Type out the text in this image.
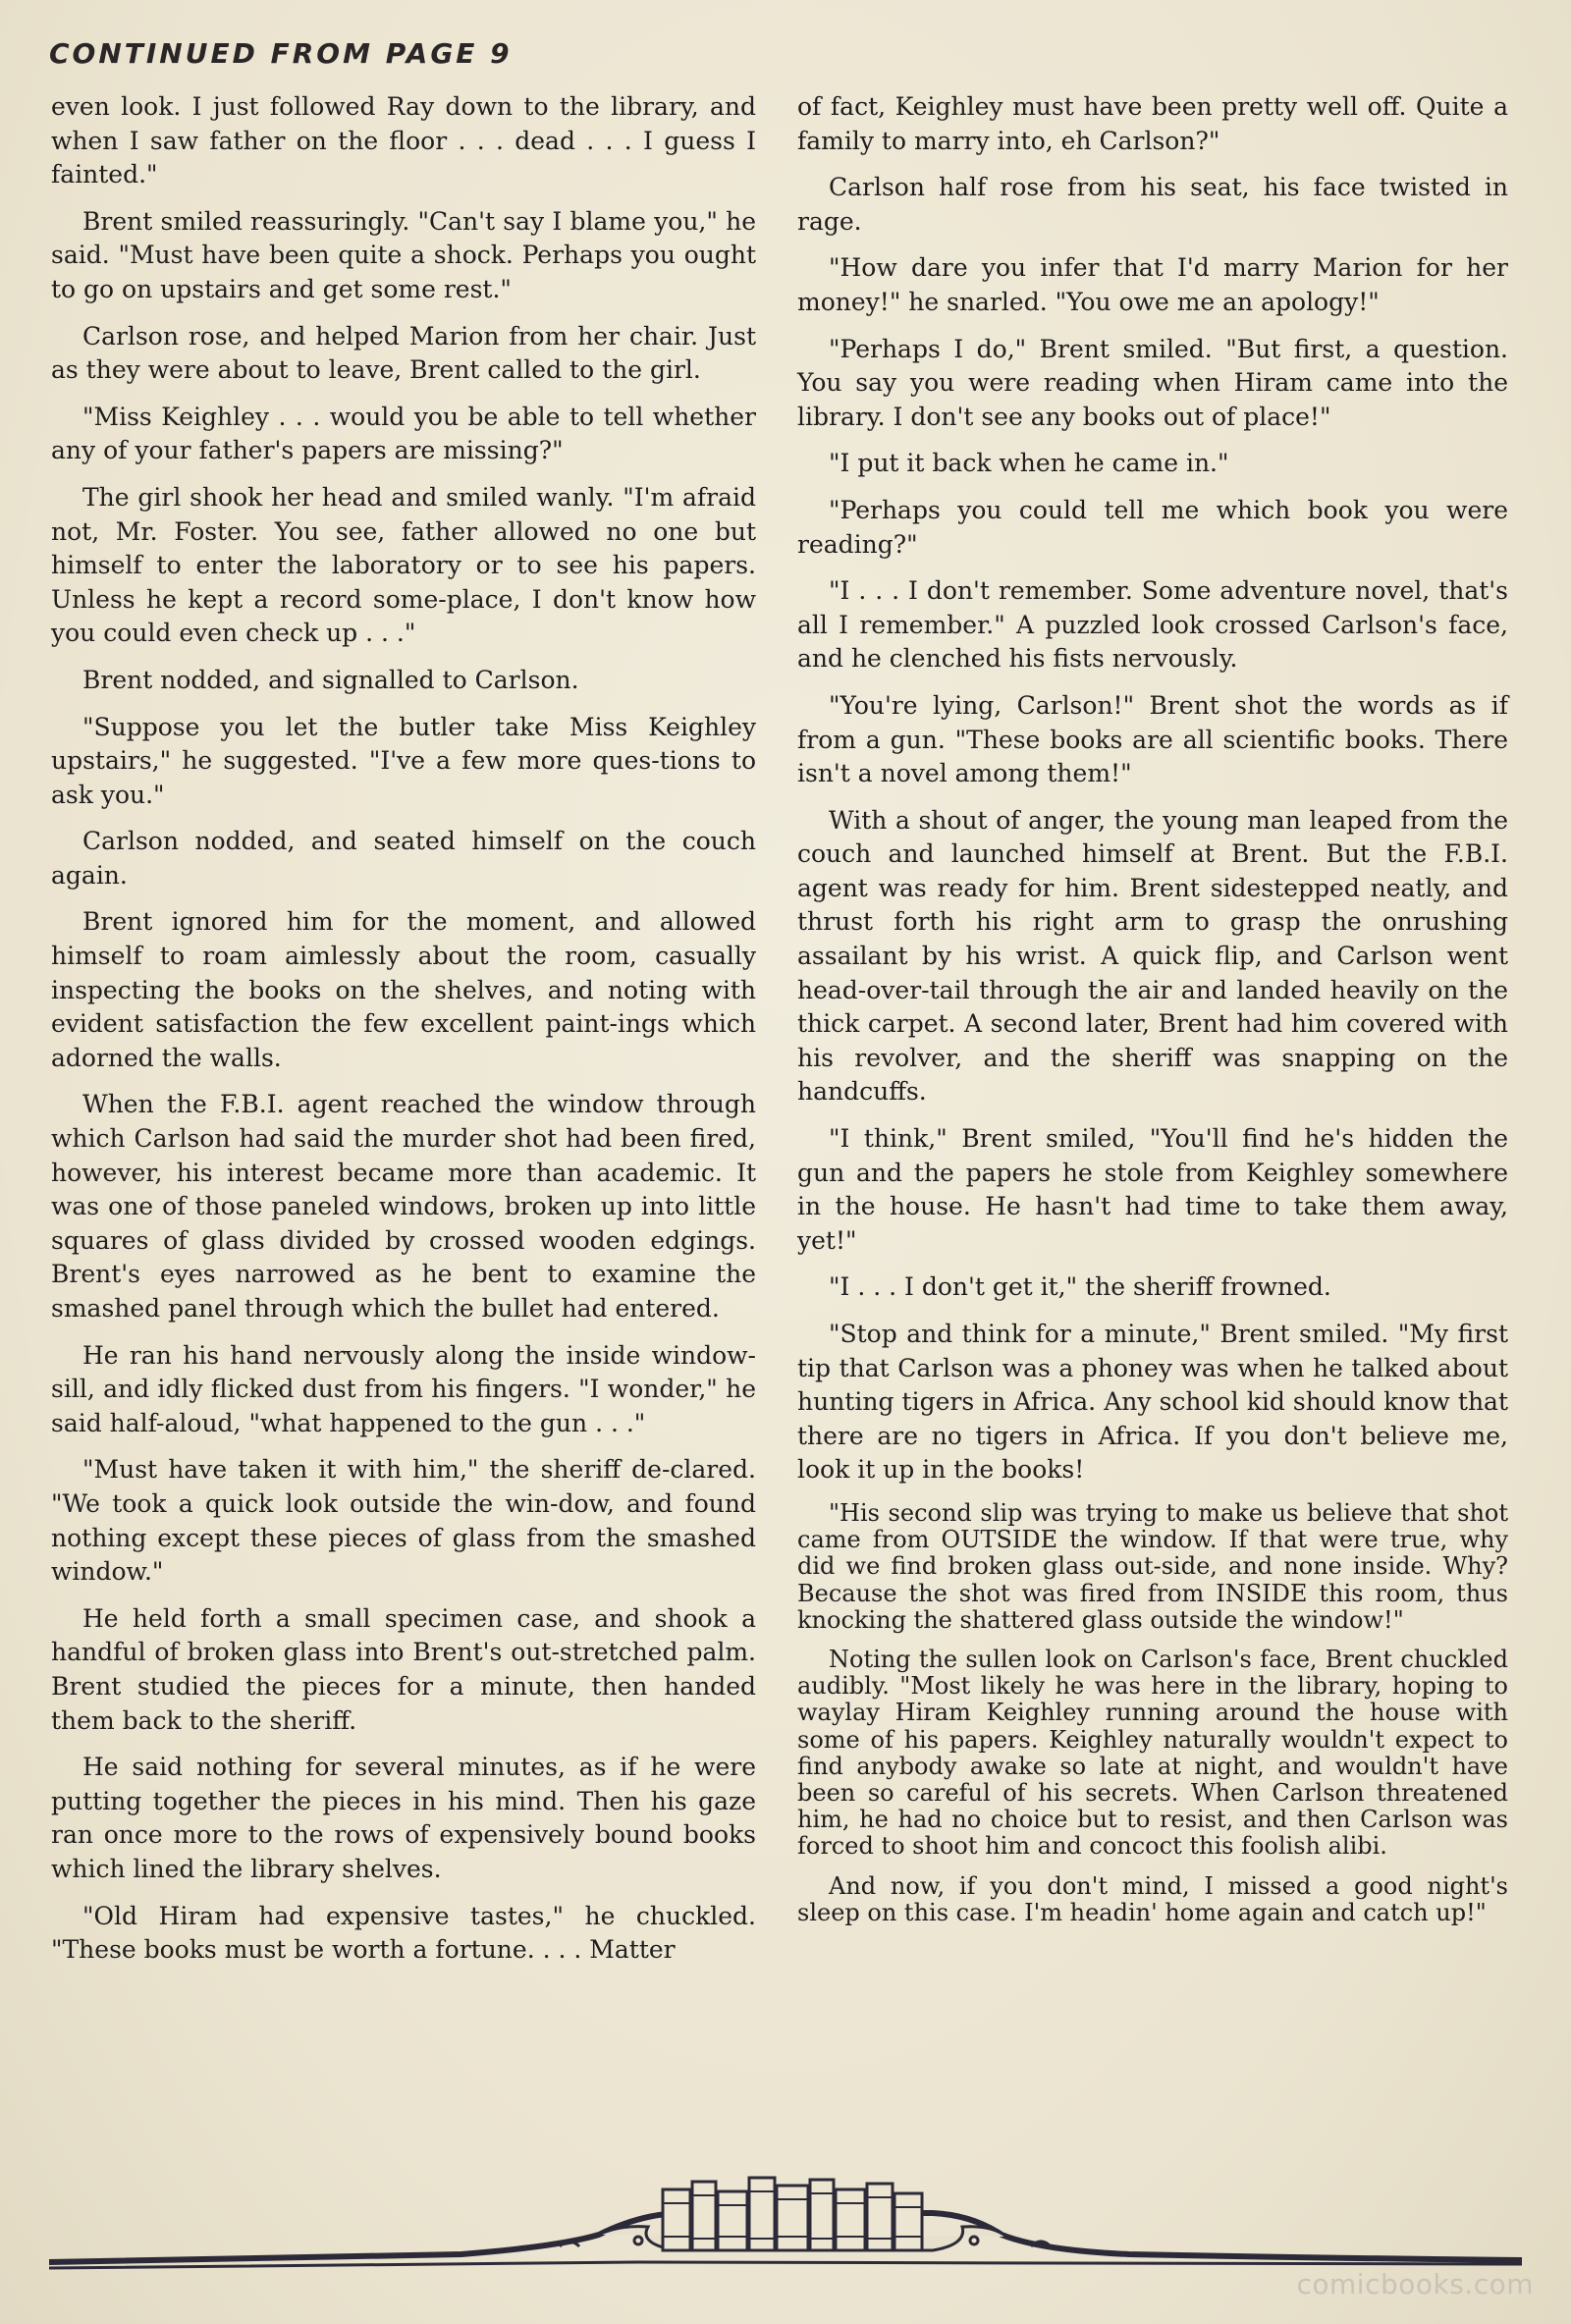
CONTINUED FROM PAGE 9

even look. I just followed Ray down to the library, and when I saw father on the floor . . . dead . . . I guess I fainted."

Brent smiled reassuringly. "Can't say I blame you," he said. "Must have been quite a shock. Perhaps you ought to go on upstairs and get some rest."

Carlson rose, and helped Marion from her chair. Just as they were about to leave, Brent called to the girl.

"Miss Keighley . . . would you be able to tell whether any of your father's papers are missing?"

The girl shook her head and smiled wanly. "I'm afraid not, Mr. Foster. You see, father allowed no one but himself to enter the laboratory or to see his papers. Unless he kept a record some-place, I don't know how you could even check up . . ."

Brent nodded, and signalled to Carlson.

"Suppose you let the butler take Miss Keighley upstairs," he suggested. "I've a few more ques-tions to ask you."

Carlson nodded, and seated himself on the couch again.

Brent ignored him for the moment, and allowed himself to roam aimlessly about the room, casually inspecting the books on the shelves, and noting with evident satisfaction the few excellent paint-ings which adorned the walls.

When the F.B.I. agent reached the window through which Carlson had said the murder shot had been fired, however, his interest became more than academic. It was one of those paneled windows, broken up into little squares of glass divided by crossed wooden edgings. Brent's eyes narrowed as he bent to examine the smashed panel through which the bullet had entered.

He ran his hand nervously along the inside window-sill, and idly flicked dust from his fingers. "I wonder," he said half-aloud, "what happened to the gun . . ."

"Must have taken it with him," the sheriff de-clared. "We took a quick look outside the win-dow, and found nothing except these pieces of glass from the smashed window."

He held forth a small specimen case, and shook a handful of broken glass into Brent's out-stretched palm. Brent studied the pieces for a minute, then handed them back to the sheriff.

He said nothing for several minutes, as if he were putting together the pieces in his mind. Then his gaze ran once more to the rows of expensively bound books which lined the library shelves.

"Old Hiram had expensive tastes," he chuckled. "These books must be worth a fortune. . . . Matter

of fact, Keighley must have been pretty well off. Quite a family to marry into, eh Carlson?"

Carlson half rose from his seat, his face twisted in rage.

"How dare you infer that I'd marry Marion for her money!" he snarled. "You owe me an apology!"

"Perhaps I do," Brent smiled. "But first, a question. You say you were reading when Hiram came into the library. I don't see any books out of place!"

"I put it back when he came in."

"Perhaps you could tell me which book you were reading?"

"I . . . I don't remember. Some adventure novel, that's all I remember." A puzzled look crossed Carlson's face, and he clenched his fists nervously.

"You're lying, Carlson!" Brent shot the words as if from a gun. "These books are all scientific books. There isn't a novel among them!"

With a shout of anger, the young man leaped from the couch and launched himself at Brent. But the F.B.I. agent was ready for him. Brent sidestepped neatly, and thrust forth his right arm to grasp the onrushing assailant by his wrist. A quick flip, and Carlson went head-over-tail through the air and landed heavily on the thick carpet. A second later, Brent had him covered with his revolver, and the sheriff was snapping on the handcuffs.

"I think," Brent smiled, "You'll find he's hidden the gun and the papers he stole from Keighley somewhere in the house. He hasn't had time to take them away, yet!"

"I . . . I don't get it," the sheriff frowned.

"Stop and think for a minute," Brent smiled. "My first tip that Carlson was a phoney was when he talked about hunting tigers in Africa. Any school kid should know that there are no tigers in Africa. If you don't believe me, look it up in the books!

"His second slip was trying to make us believe that shot came from OUTSIDE the window. If that were true, why did we find broken glass out-side, and none inside. Why? Because the shot was fired from INSIDE this room, thus knocking the shattered glass outside the window!"

Noting the sullen look on Carlson's face, Brent chuckled audibly. "Most likely he was here in the library, hoping to waylay Hiram Keighley running around the house with some of his papers. Keighley naturally wouldn't expect to find anybody awake so late at night, and wouldn't have been so careful of his secrets. When Carlson threatened him, he had no choice but to resist, and then Carlson was forced to shoot him and concoct this foolish alibi.

And now, if you don't mind, I missed a good night's sleep on this case. I'm headin' home again and catch up!"

comicbooks.com
